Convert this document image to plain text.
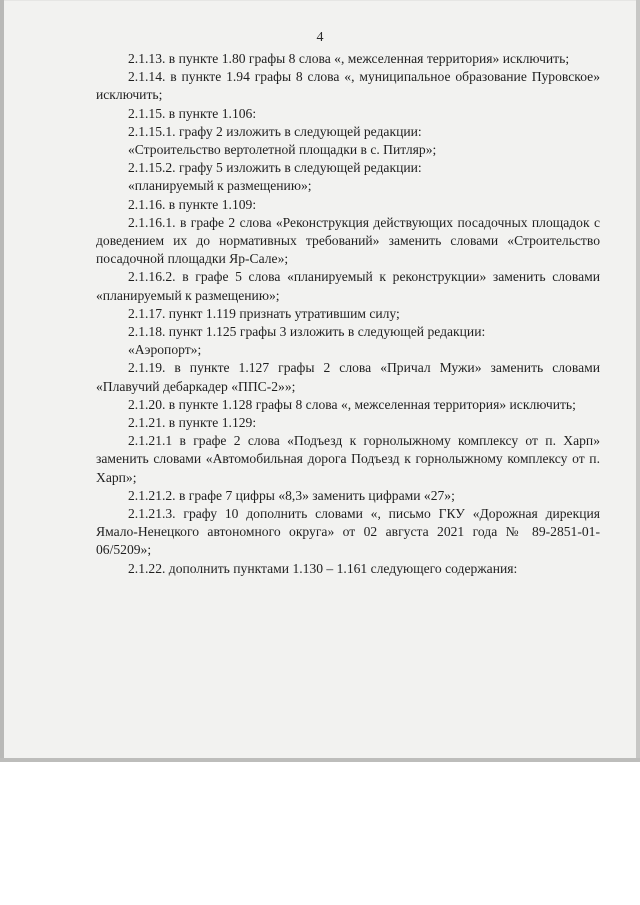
4

2.1.13. в пункте 1.80 графы 8 слова «, межселенная территория» исключить;

2.1.14. в пункте 1.94 графы 8 слова «, муниципальное образование Пуровское» исключить;

2.1.15. в пункте 1.106:

2.1.15.1. графу 2 изложить в следующей редакции:

«Строительство вертолетной площадки в с. Питляр»;

2.1.15.2. графу 5 изложить в следующей редакции:

«планируемый к размещению»;

2.1.16. в пункте 1.109:

2.1.16.1. в графе 2 слова «Реконструкция действующих посадочных площадок с доведением их до нормативных требований» заменить словами «Строительство посадочной площадки Яр-Сале»;

2.1.16.2. в графе 5 слова «планируемый к реконструкции» заменить словами «планируемый к размещению»;

2.1.17. пункт 1.119 признать утратившим силу;

2.1.18. пункт 1.125 графы 3 изложить в следующей редакции:

«Аэропорт»;

2.1.19. в пункте 1.127 графы 2 слова «Причал Мужи» заменить словами «Плавучий дебаркадер «ППС-2»»;

2.1.20. в пункте 1.128 графы 8 слова «, межселенная территория» исключить;

2.1.21. в пункте 1.129:

2.1.21.1 в графе 2 слова «Подъезд к горнолыжному комплексу от п. Харп» заменить словами «Автомобильная дорога Подъезд к горнолыжному комплексу от п. Харп»;

2.1.21.2. в графе 7 цифры «8,3» заменить цифрами «27»;

2.1.21.3. графу 10 дополнить словами «, письмо ГКУ «Дорожная дирекция Ямало-Ненецкого автономного округа» от 02 августа 2021 года № 89-2851-01-06/5209»;

2.1.22. дополнить пунктами 1.130 – 1.161 следующего содержания:
